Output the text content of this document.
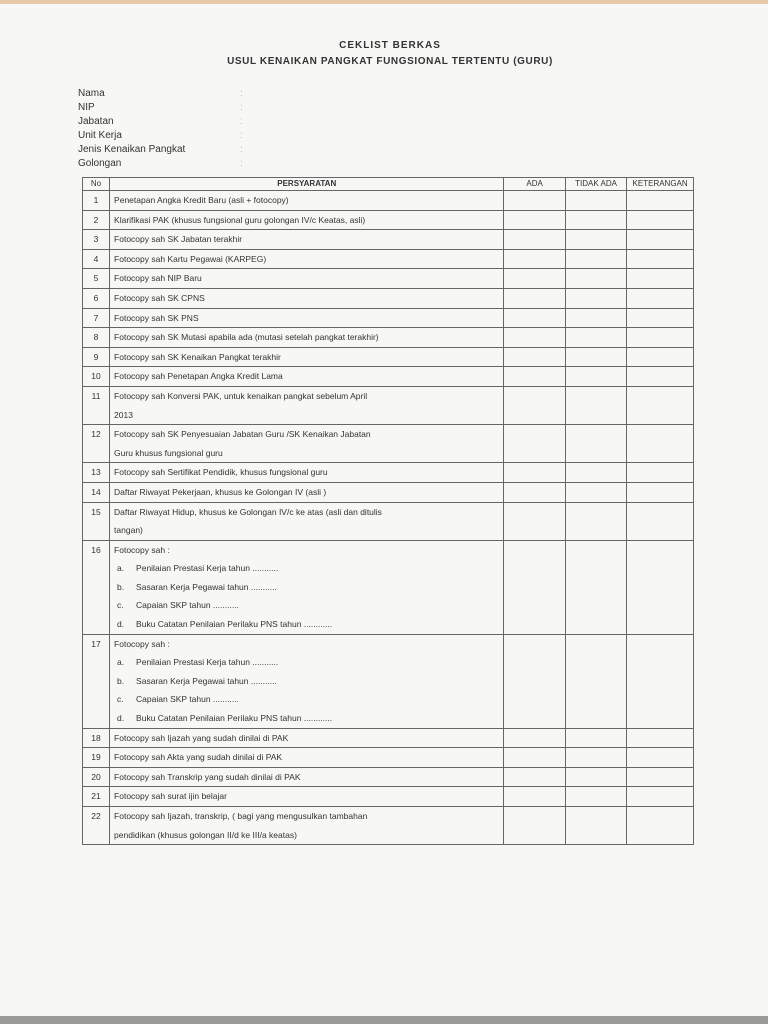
CEKLIST BERKAS
USUL KENAIKAN PANGKAT FUNGSIONAL TERTENTU (GURU)
Nama	:
NIP	:
Jabatan	:
Unit Kerja	:
Jenis Kenaikan Pangkat	:
Golongan	:
No	PERSYARATAN	ADA	TIDAK ADA	KETERANGAN
1	Penetapan Angka Kredit Baru (asli + fotocopy)			

2	Klarifikasi PAK (khusus fungsional guru golongan IV/c Keatas, asli)			

3	Fotocopy sah SK Jabatan terakhir			

4	Fotocopy sah Kartu Pegawai (KARPEG)			

5	Fotocopy sah NIP Baru			

6	Fotocopy sah SK CPNS			

7	Fotocopy sah SK PNS			

8	Fotocopy sah SK Mutasi apabila ada (mutasi setelah pangkat terakhir)			

9	Fotocopy sah SK Kenaikan Pangkat terakhir			

10	Fotocopy sah Penetapan Angka Kredit Lama			

11	Fotocopy sah Konversi PAK, untuk kenaikan pangkat sebelum April
2013			

12	Fotocopy sah SK Penyesuaian Jabatan Guru /SK Kenaikan Jabatan
Guru khusus fungsional guru			

13	Fotocopy sah Sertifikat Pendidik, khusus fungsional guru			

14	Daftar Riwayat Pekerjaan, khusus ke Golongan IV (asli )			

15	Daftar Riwayat Hidup, khusus ke Golongan IV/c ke atas (asli dan ditulis
tangan)			

16	Fotocopy sah :
a. Penilaian Prestasi Kerja tahun ...........
b. Sasaran Kerja Pegawai tahun ...........
c. Capaian SKP tahun ...........
d. Buku Catatan Penilaian Perilaku PNS tahun ............			

17	Fotocopy sah :
a. Penilaian Prestasi Kerja tahun ...........
b. Sasaran Kerja Pegawai tahun ...........
c. Capaian SKP tahun ...........
d. Buku Catatan Penilaian Perilaku PNS tahun ............			

18	Fotocopy sah Ijazah yang sudah dinilai di PAK			

19	Fotocopy sah Akta yang sudah dinilai di PAK			

20	Fotocopy sah Transkrip yang sudah dinilai di PAK			

21	Fotocopy sah surat ijin belajar			

22	Fotocopy sah Ijazah, transkrip, ( bagi yang mengusulkan tambahan
pendidikan (khusus golongan II/d ke III/a keatas)			
